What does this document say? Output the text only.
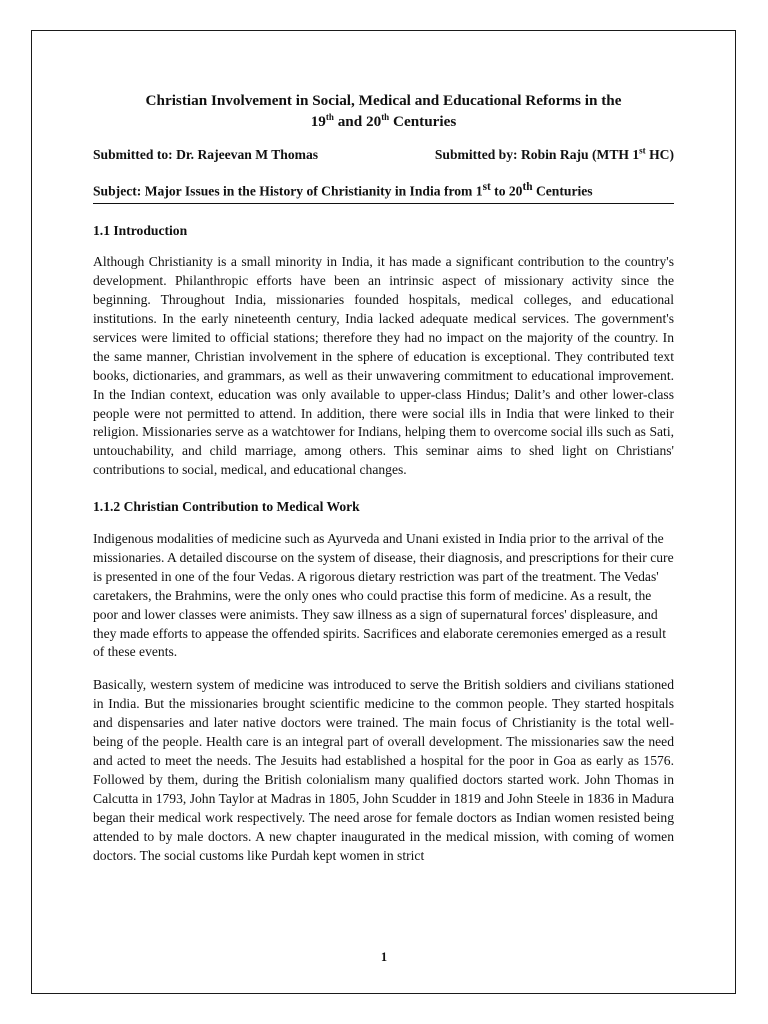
Christian Involvement in Social, Medical and Educational Reforms in the
19th and 20th Centuries
Submitted to: Dr. Rajeevan M Thomas	Submitted by: Robin Raju (MTH 1st HC)
Subject: Major Issues in the History of Christianity in India from 1st to 20th Centuries
1.1 Introduction

Although Christianity is a small minority in India, it has made a significant contribution to the country's development. Philanthropic efforts have been an intrinsic aspect of missionary activity since the beginning. Throughout India, missionaries founded hospitals, medical colleges, and educational institutions. In the early nineteenth century, India lacked adequate medical services. The government's services were limited to official stations; therefore they had no impact on the majority of the country. In the same manner, Christian involvement in the sphere of education is exceptional. They contributed text books, dictionaries, and grammars, as well as their unwavering commitment to educational improvement. In the Indian context, education was only available to upper-class Hindus; Dalit’s and other lower-class people were not permitted to attend. In addition, there were social ills in India that were linked to their religion. Missionaries serve as a watchtower for Indians, helping them to overcome social ills such as Sati, untouchability, and child marriage, among others. This seminar aims to shed light on Christians' contributions to social, medical, and educational changes.

1.1.2 Christian Contribution to Medical Work

Indigenous modalities of medicine such as Ayurveda and Unani existed in India prior to the arrival of the missionaries. A detailed discourse on the system of disease, their diagnosis, and prescriptions for their cure is presented in one of the four Vedas. A rigorous dietary restriction was part of the treatment. The Vedas' caretakers, the Brahmins, were the only ones who could practise this form of medicine. As a result, the poor and lower classes were animists. They saw illness as a sign of supernatural forces' displeasure, and they made efforts to appease the offended spirits. Sacrifices and elaborate ceremonies emerged as a result of these events.

Basically, western system of medicine was introduced to serve the British soldiers and civilians stationed in India. But the missionaries brought scientific medicine to the common people. They started hospitals and dispensaries and later native doctors were trained. The main focus of Christianity is the total well-being of the people. Health care is an integral part of overall development. The missionaries saw the need and acted to meet the needs. The Jesuits had established a hospital for the poor in Goa as early as 1576. Followed by them, during the British colonialism many qualified doctors started work. John Thomas in Calcutta in 1793, John Taylor at Madras in 1805, John Scudder in 1819 and John Steele in 1836 in Madura began their medical work respectively. The need arose for female doctors as Indian women resisted being attended to by male doctors. A new chapter inaugurated in the medical mission, with coming of women doctors. The social customs like Purdah kept women in strict

1
